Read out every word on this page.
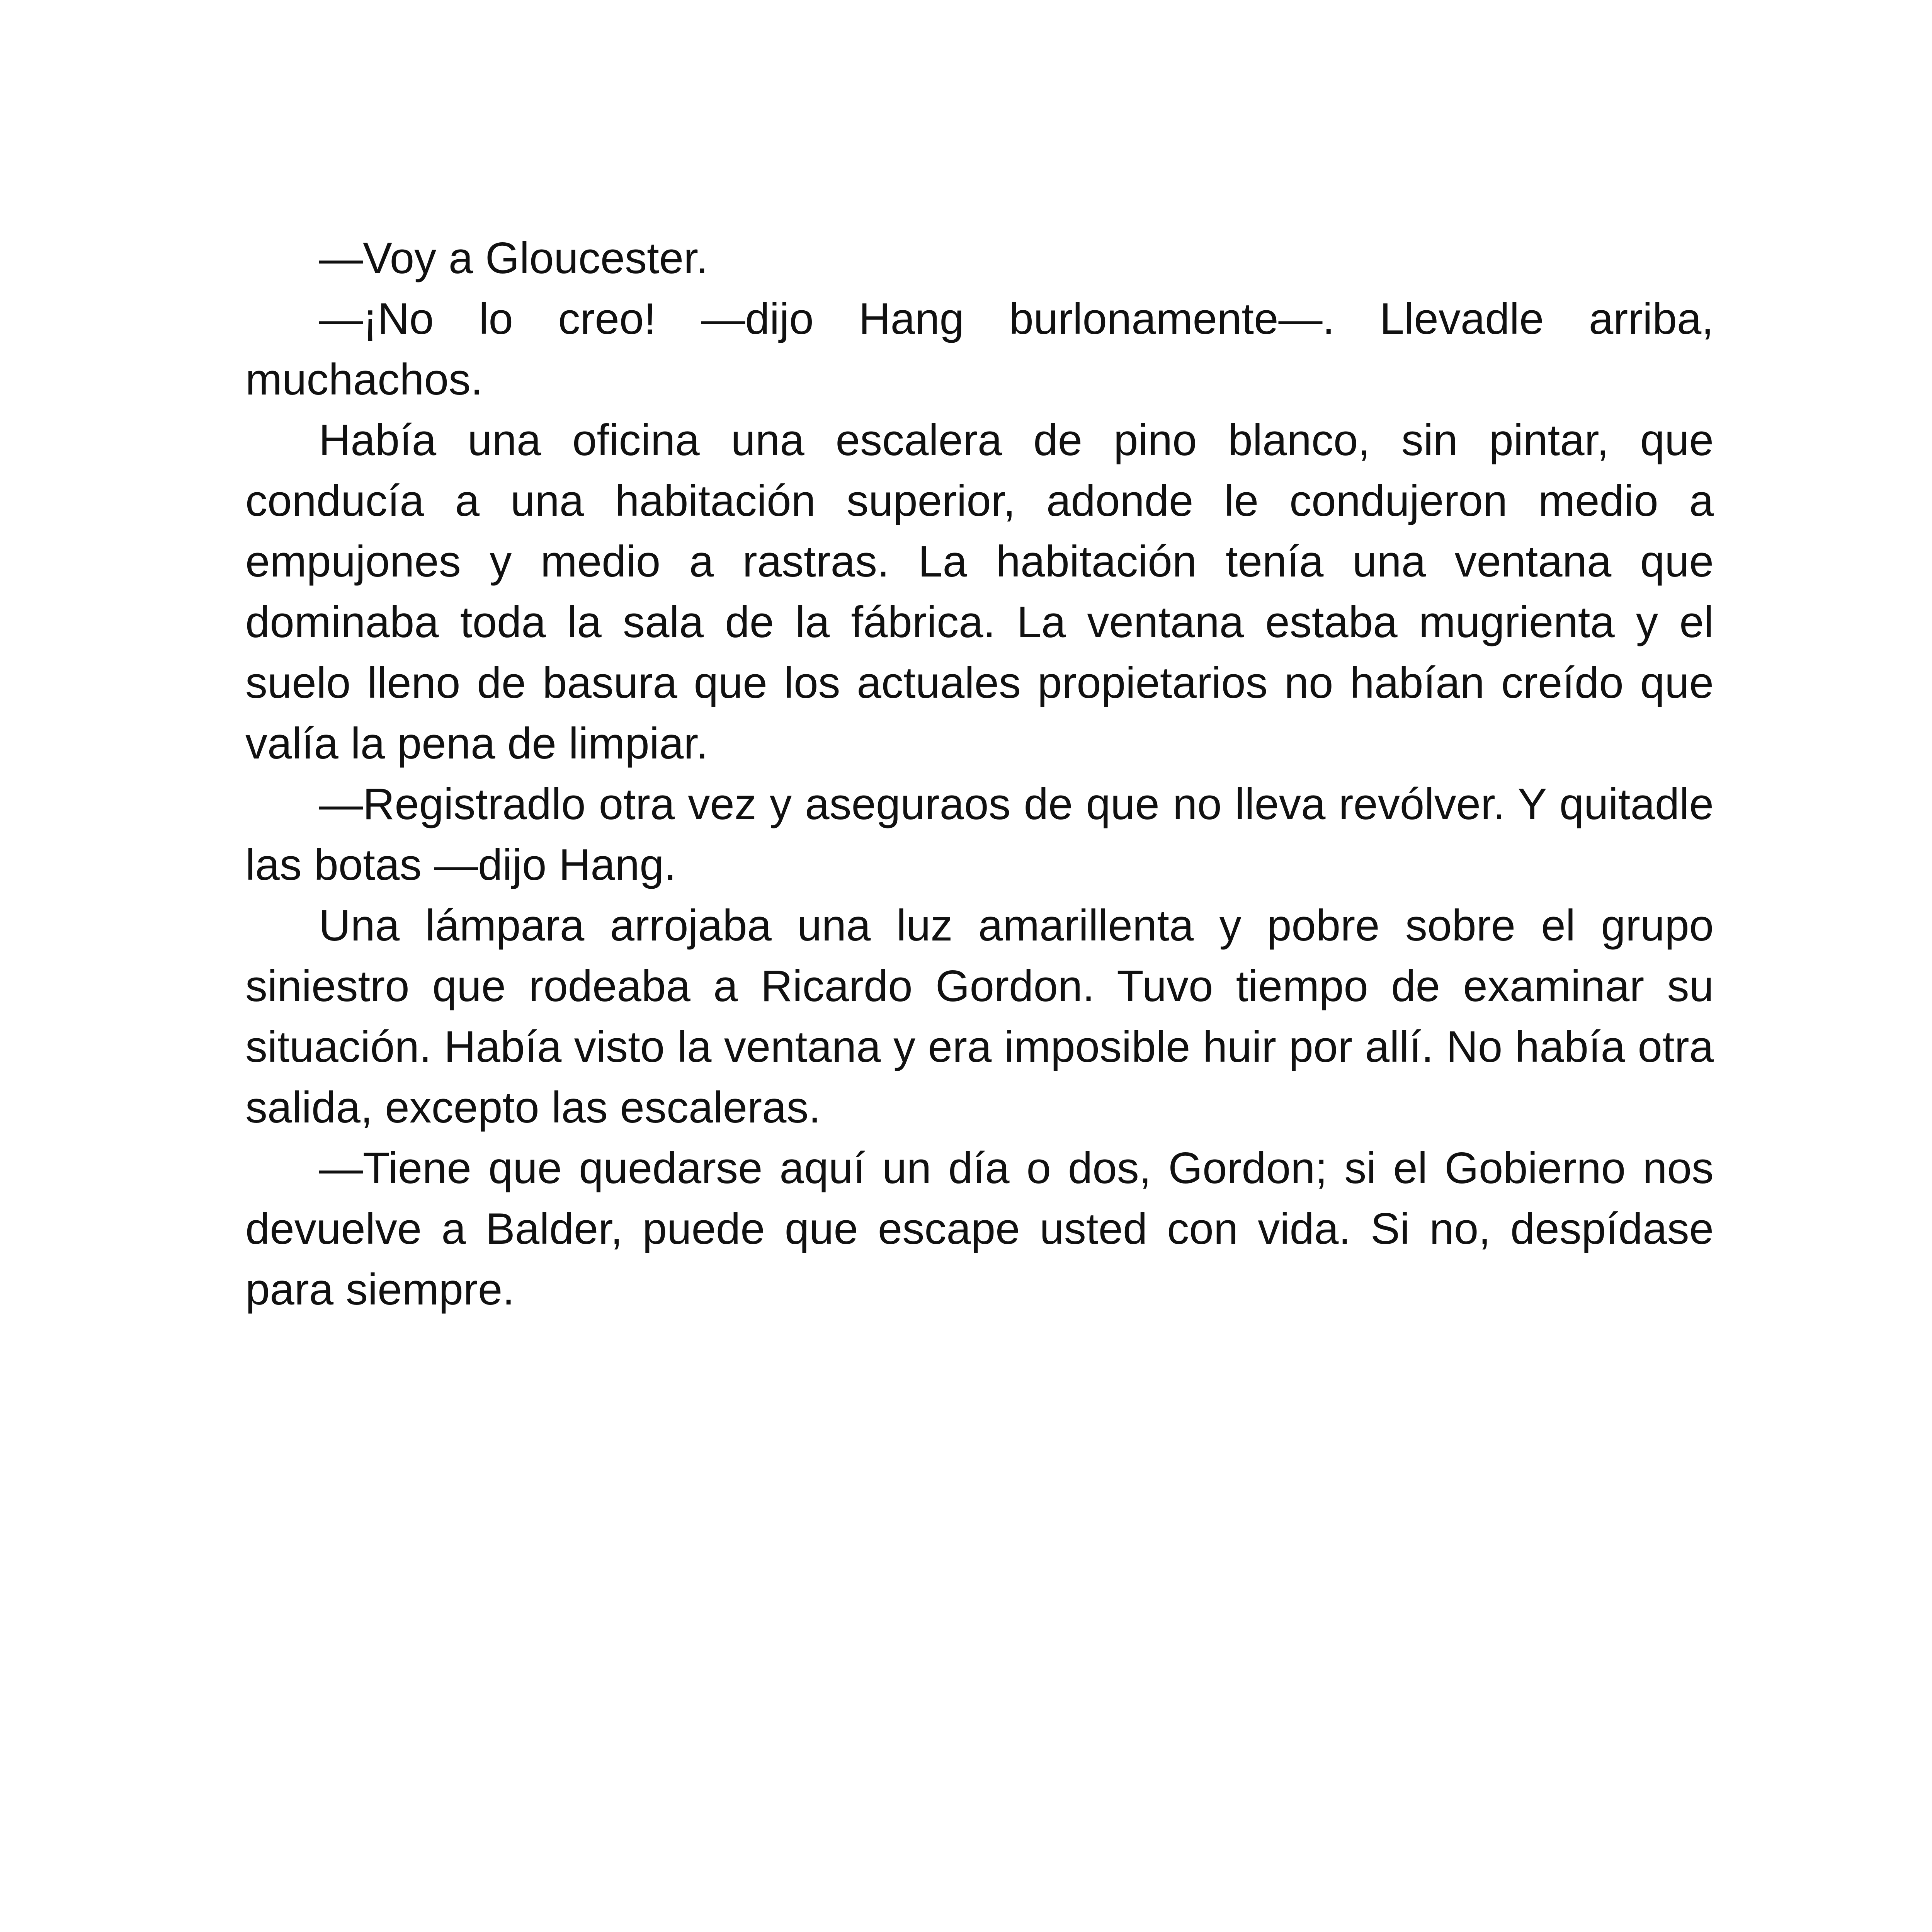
—Voy a Gloucester.

—¡No lo creo! —dijo Hang burlonamente—. Llevadle arriba, muchachos.

Había una oficina una escalera de pino blanco, sin pintar, que conducía a una habitación superior, adonde le condujeron medio a empujones y medio a rastras. La habitación tenía una ventana que dominaba toda la sala de la fábrica. La ventana estaba mugrienta y el suelo lleno de basura que los actuales propietarios no habían creído que valía la pena de limpiar.

—Registradlo otra vez y aseguraos de que no lleva revólver. Y quitadle las botas —dijo Hang.

Una lámpara arrojaba una luz amarillenta y pobre sobre el grupo siniestro que rodeaba a Ricardo Gordon. Tuvo tiempo de examinar su situación. Había visto la ventana y era imposible huir por allí. No había otra salida, excepto las escaleras.

—Tiene que quedarse aquí un día o dos, Gordon; si el Gobierno nos devuelve a Balder, puede que escape usted con vida. Si no, despídase para siempre.
